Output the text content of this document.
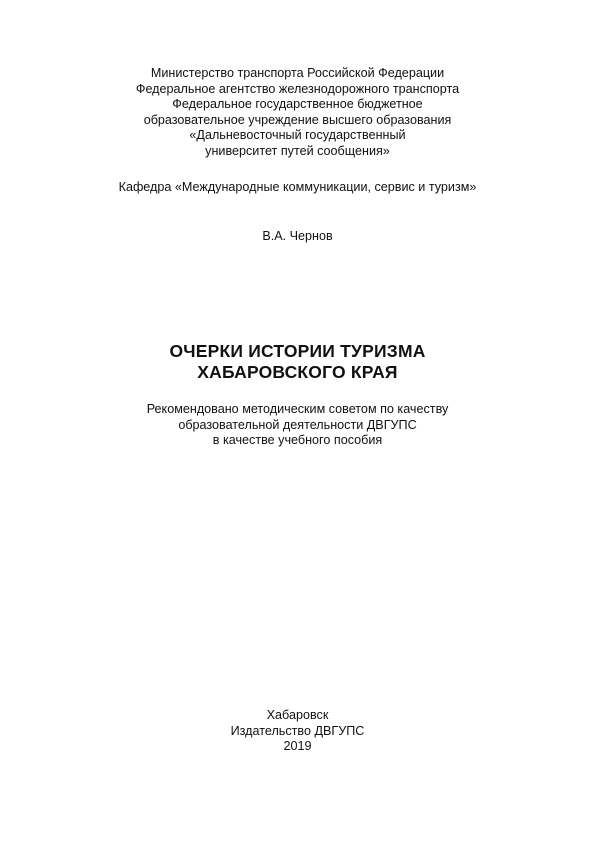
Министерство транспорта Российской Федерации
Федеральное агентство железнодорожного транспорта
Федеральное государственное бюджетное
образовательное учреждение высшего образования
«Дальневосточный государственный
университет путей сообщения»
Кафедра «Международные коммуникации, сервис и туризм»
В.А. Чернов
ОЧЕРКИ ИСТОРИИ ТУРИЗМА
ХАБАРОВСКОГО КРАЯ
Рекомендовано методическим советом по качеству
образовательной деятельности ДВГУПС
в качестве учебного пособия
Хабаровск
Издательство ДВГУПС
2019
